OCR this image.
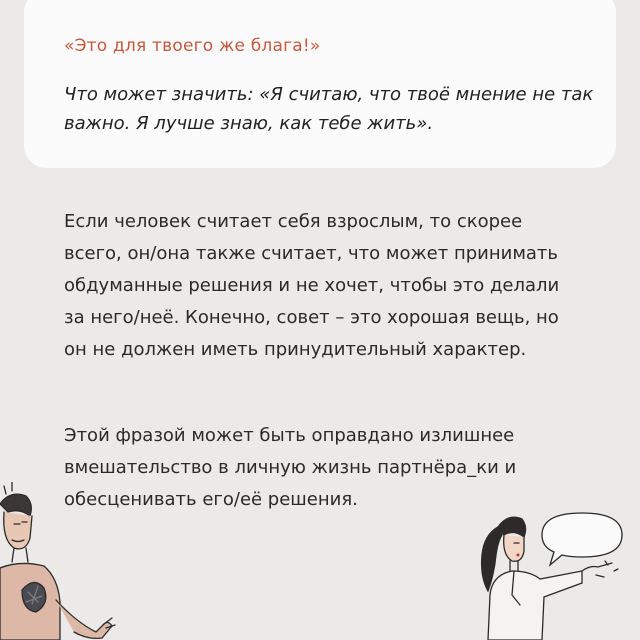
«Это для твоего же блага!»
Что может значить: «Я считаю, что твоё мнение не так важно. Я лучше знаю, как тебе жить».
Если человек считает себя взрослым, то скорее всего, он/она также считает, что может принимать обдуманные решения и не хочет, чтобы это делали за него/неё. Конечно, совет – это хорошая вещь, но он не должен иметь принудительный характер.
Этой фразой может быть оправдано излишнее вмешательство в личную жизнь партнёра_ки и обесценивать его/её решения.
